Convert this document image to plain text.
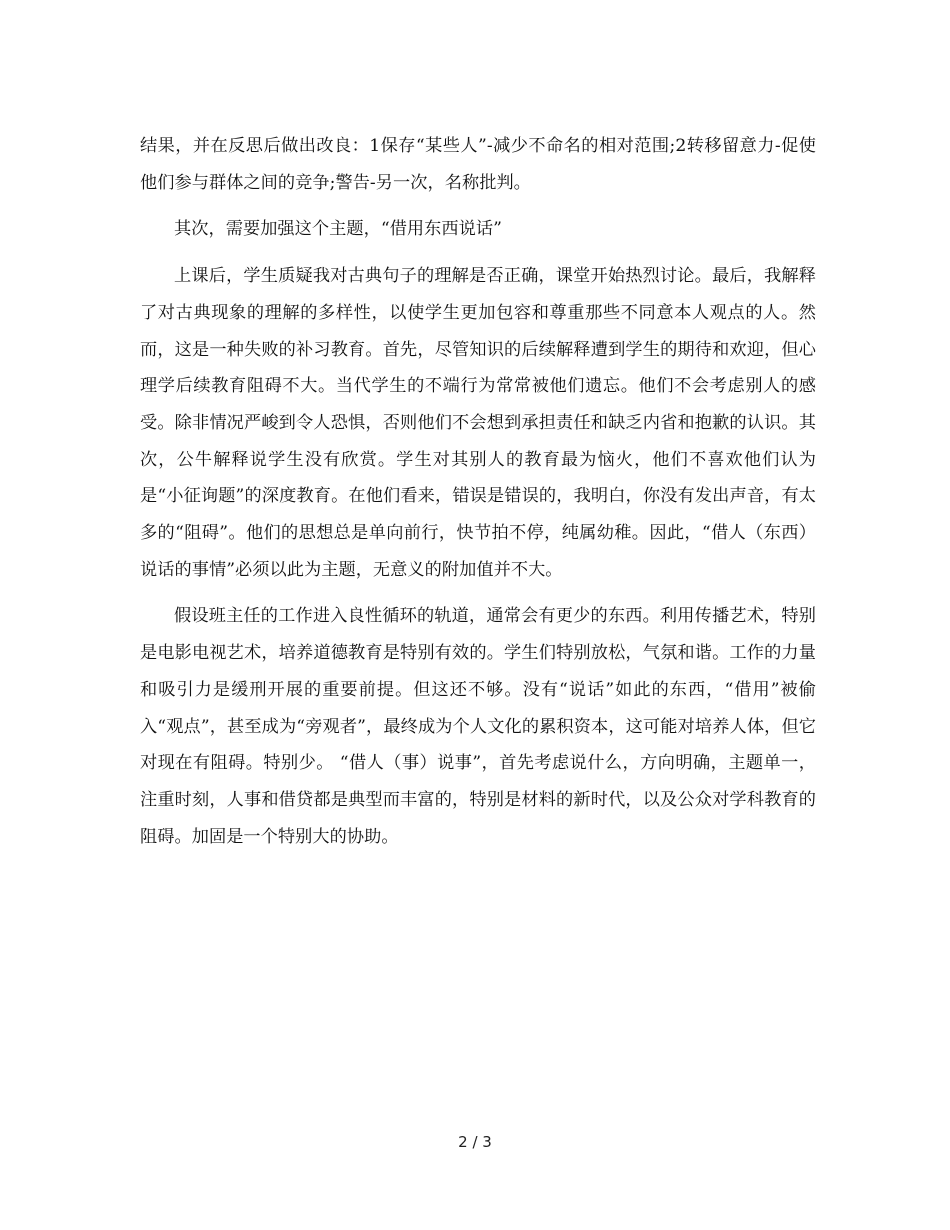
结果，并在反思后做出改良：1保存“某些人”-减少不命名的相对范围;2转移留意力-促使他们参与群体之间的竞争;警告-另一次，名称批判。

其次，需要加强这个主题，“借用东西说话”

上课后，学生质疑我对古典句子的理解是否正确，课堂开始热烈讨论。最后，我解释了对古典现象的理解的多样性，以使学生更加包容和尊重那些不同意本人观点的人。然而，这是一种失败的补习教育。首先，尽管知识的后续解释遭到学生的期待和欢迎，但心理学后续教育阻碍不大。当代学生的不端行为常常被他们遗忘。他们不会考虑别人的感受。除非情况严峻到令人恐惧，否则他们不会想到承担责任和缺乏内省和抱歉的认识。其次，公牛解释说学生没有欣赏。学生对其别人的教育最为恼火，他们不喜欢他们认为是“小征询题”的深度教育。在他们看来，错误是错误的，我明白，你没有发出声音，有太多的“阻碍”。他们的思想总是单向前行，快节拍不停，纯属幼稚。因此，“借人（东西）说话的事情”必须以此为主题，无意义的附加值并不大。

假设班主任的工作进入良性循环的轨道，通常会有更少的东西。利用传播艺术，特别是电影电视艺术，培养道德教育是特别有效的。学生们特别放松，气氛和谐。工作的力量和吸引力是缓刑开展的重要前提。但这还不够。没有“说话”如此的东西，“借用”被偷入“观点”，甚至成为“旁观者”，最终成为个人文化的累积资本，这可能对培养人体，但它对现在有阻碍。特别少。 “借人（事）说事”，首先考虑说什么，方向明确，主题单一，注重时刻，人事和借贷都是典型而丰富的，特别是材料的新时代，以及公众对学科教育的阻碍。加固是一个特别大的协助。

2 / 3
